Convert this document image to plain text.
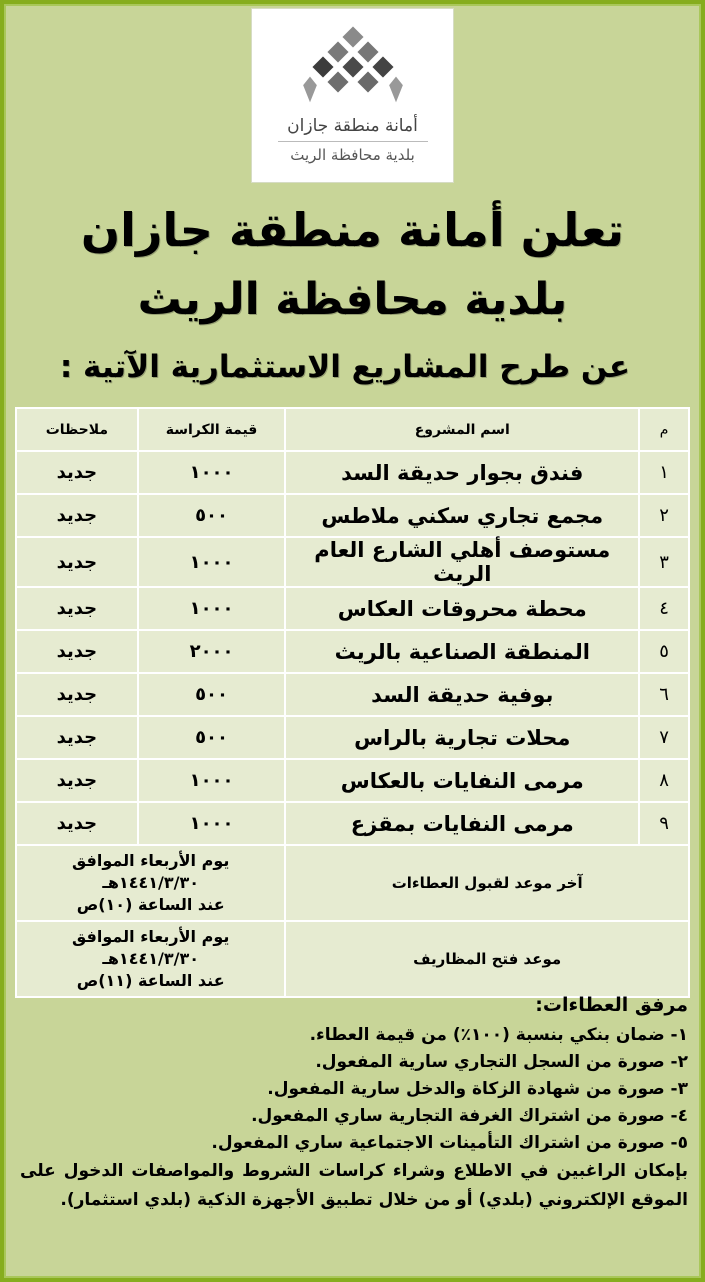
أمانة منطقة جازان
بلدية محافظة الريث
تعلن أمانة منطقة جازان
بلدية محافظة الريث
عن طرح المشاريع الاستثمارية الآتية :
م	اسم المشروع	قيمة الكراسة	ملاحظات
١	فندق بجوار حديقة السد	١٠٠٠	جديد
٢	مجمع تجاري سكني ملاطس	٥٠٠	جديد
٣	مستوصف أهلي الشارع العام الريث	١٠٠٠	جديد
٤	محطة محروقات العكاس	١٠٠٠	جديد
٥	المنطقة الصناعية بالريث	٢٠٠٠	جديد
٦	بوفية حديقة السد	٥٠٠	جديد
٧	محلات تجارية بالراس	٥٠٠	جديد
٨	مرمى النفايات بالعكاس	١٠٠٠	جديد
٩	مرمى النفايات بمقزع	١٠٠٠	جديد
آخر موعد لقبول العطاءات		يوم الأربعاء الموافق ١٤٤١/٣/٣٠هـ
عند الساعة (١٠)ص	

موعد فتح المظاريف		يوم الأربعاء الموافق ١٤٤١/٣/٣٠هـ
عند الساعة (١١)ص	
مرفق العطاءات:
١- ضمان بنكي بنسبة (١٠٠٪) من قيمة العطاء.
٢- صورة من السجل التجاري سارية المفعول.
٣- صورة من شهادة الزكاة والدخل سارية المفعول.
٤- صورة من اشتراك الغرفة التجارية ساري المفعول.
٥- صورة من اشتراك التأمينات الاجتماعية ساري المفعول.
بإمكان الراغبين في الاطلاع وشراء كراسات الشروط والمواصفات الدخول على الموقع الإلكتروني (بلدي) أو من خلال تطبيق الأجهزة الذكية (بلدي استثمار).
